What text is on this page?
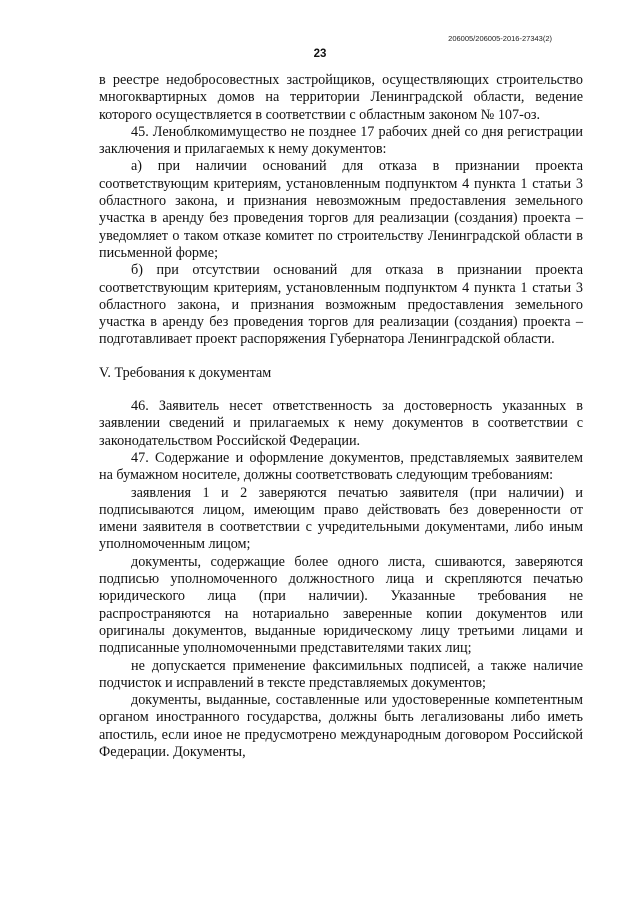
206005/206005-2016-27343(2)
23

в реестре недобросовестных застройщиков, осуществляющих строительство многоквартирных домов на территории Ленинградской области, ведение которого осуществляется в соответствии с областным законом № 107-оз.

45. Леноблкомимущество не позднее 17 рабочих дней со дня регистрации заключения и прилагаемых к нему документов:

а) при наличии оснований для отказа в признании проекта соответствующим критериям, установленным подпунктом 4 пункта 1 статьи 3 областного закона, и признания невозможным предоставления земельного участка в аренду без проведения торгов для реализации (создания) проекта – уведомляет о таком отказе комитет по строительству Ленинградской области в письменной форме;

б) при отсутствии оснований для отказа в признании проекта соответствующим критериям, установленным подпунктом 4 пункта 1 статьи 3 областного закона, и признания возможным предоставления земельного участка в аренду без проведения торгов для реализации (создания) проекта – подготавливает проект распоряжения Губернатора Ленинградской области.

V. Требования к документам

46. Заявитель несет ответственность за достоверность указанных в заявлении сведений и прилагаемых к нему документов в соответствии с законодательством Российской Федерации.

47. Содержание и оформление документов, представляемых заявителем на бумажном носителе, должны соответствовать следующим требованиям:

заявления 1 и 2 заверяются печатью заявителя (при наличии) и подписываются лицом, имеющим право действовать без доверенности от имени заявителя в соответствии с учредительными документами, либо иным уполномоченным лицом;

документы, содержащие более одного листа, сшиваются, заверяются подписью уполномоченного должностного лица и скрепляются печатью юридического лица (при наличии). Указанные требования не распространяются на нотариально заверенные копии документов или оригиналы документов, выданные юридическому лицу третьими лицами и подписанные уполномоченными представителями таких лиц;

не допускается применение факсимильных подписей, а также наличие подчисток и исправлений в тексте представляемых документов;

документы, выданные, составленные или удостоверенные компетентным органом иностранного государства, должны быть легализованы либо иметь апостиль, если иное не предусмотрено международным договором Российской Федерации. Документы,
